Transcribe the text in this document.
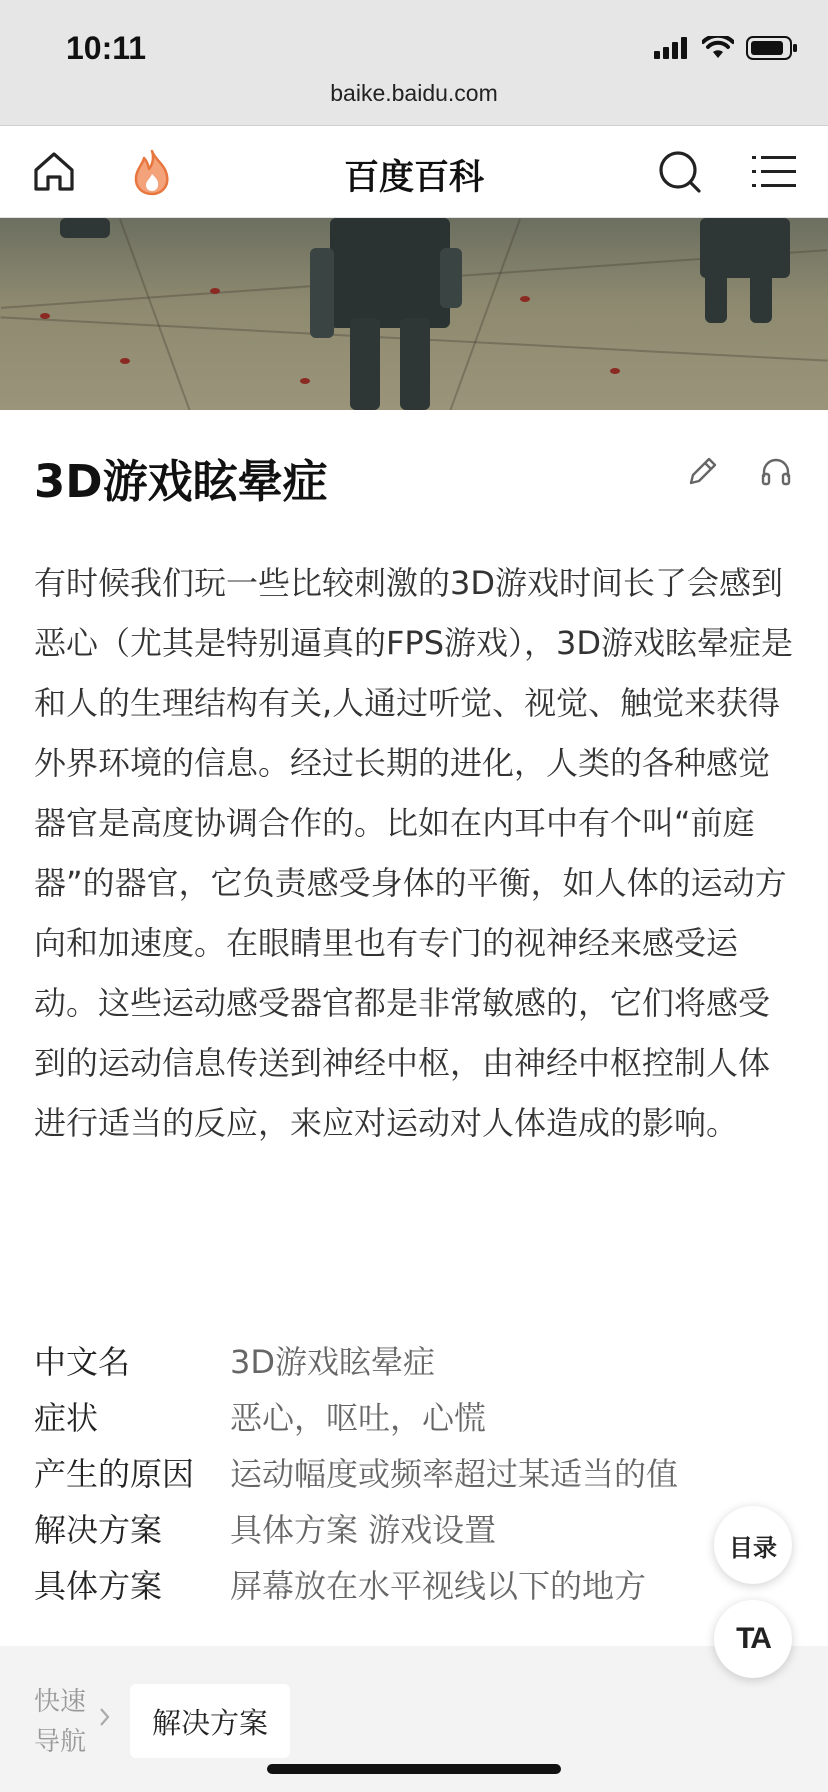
10:11
baike.baidu.com
百度百科
3D游戏眩晕症
有时候我们玩一些比较刺激的3D游戏时间长了会感到恶心（尤其是特别逼真的FPS游戏），3D游戏眩晕症是和人的生理结构有关,人通过听觉、视觉、触觉来获得外界环境的信息。经过长期的进化，人类的各种感觉器官是高度协调合作的。比如在内耳中有个叫“前庭器”的器官，它负责感受身体的平衡，如人体的运动方向和加速度。在眼睛里也有专门的视神经来感受运动。这些运动感受器官都是非常敏感的，它们将感受到的运动信息传送到神经中枢，由神经中枢控制人体进行适当的反应，来应对运动对人体造成的影响。
中文名	3D游戏眩晕症
症状	恶心，呕吐，心慌
产生的原因	运动幅度或频率超过某适当的值
解决方案	具体方案 游戏设置
具体方案	屏幕放在水平视线以下的地方
快速导航
解决方案
目录
TA
